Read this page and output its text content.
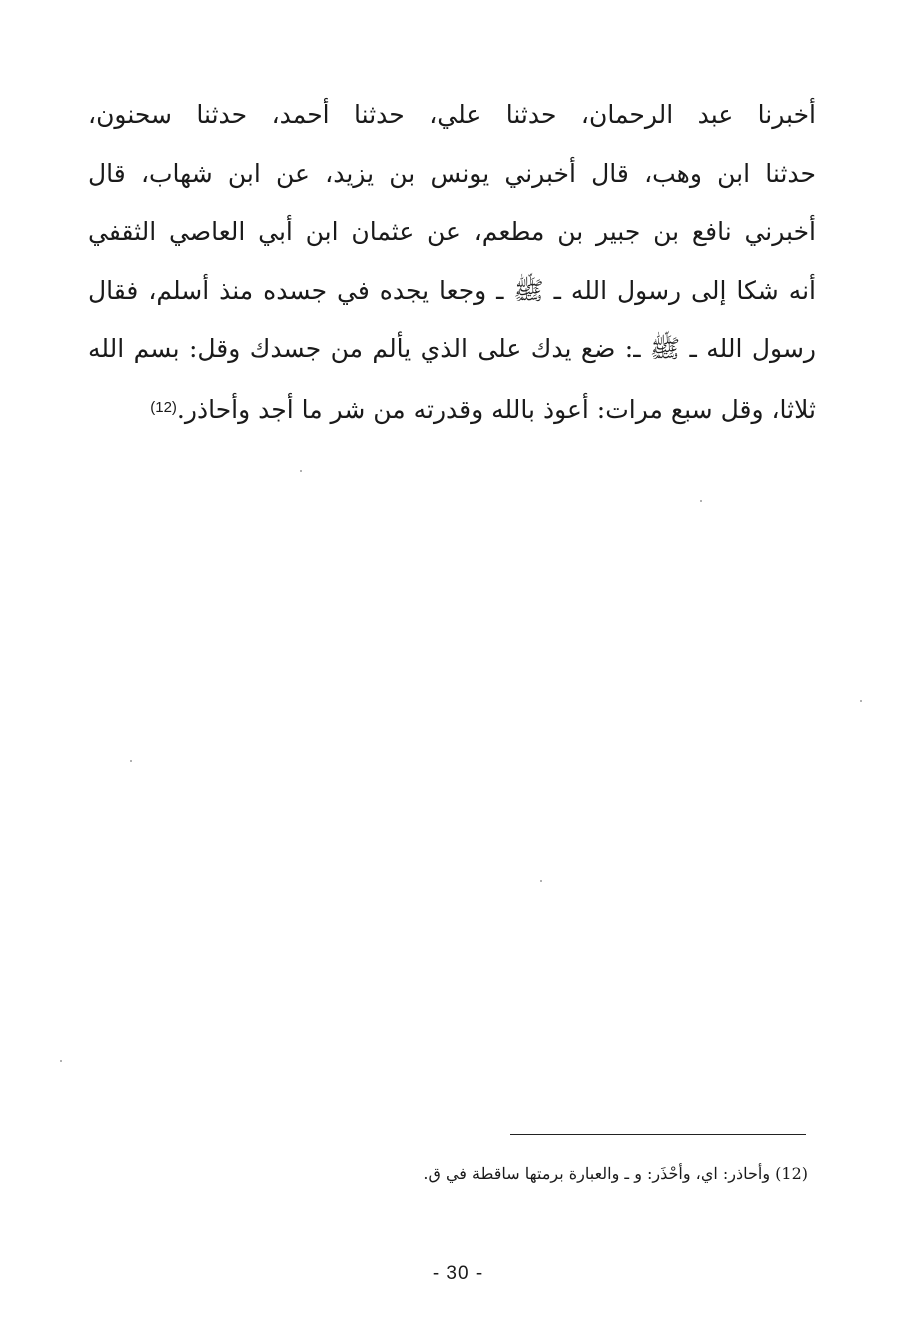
أخبرنا عبد الرحمان، حدثنا علي، حدثنا أحمد، حدثنا سحنون،
حدثنا ابن وهب، قال أخبرني يونس بن يزيد، عن ابن شهاب، قال
أخبرني نافع بن جبير بن مطعم، عن عثمان ابن أبي العاصي الثقفي
أنه شكا إلى رسول الله ـ ﷺ ـ وجعا يجده في جسده منذ أسلم، فقال
رسول الله ـ ﷺ ـ: ضع يدك على الذي يألم من جسدك وقل: بسم الله
ثلاثا، وقل سبع مرات: أعوذ بالله وقدرته من شر ما أجد وأحاذر.$^{(12)}$
(12) وأحاذر: اي، وأحْذَر: و ـ والعبارة برمتها ساقطة في ق.
- 30 -
